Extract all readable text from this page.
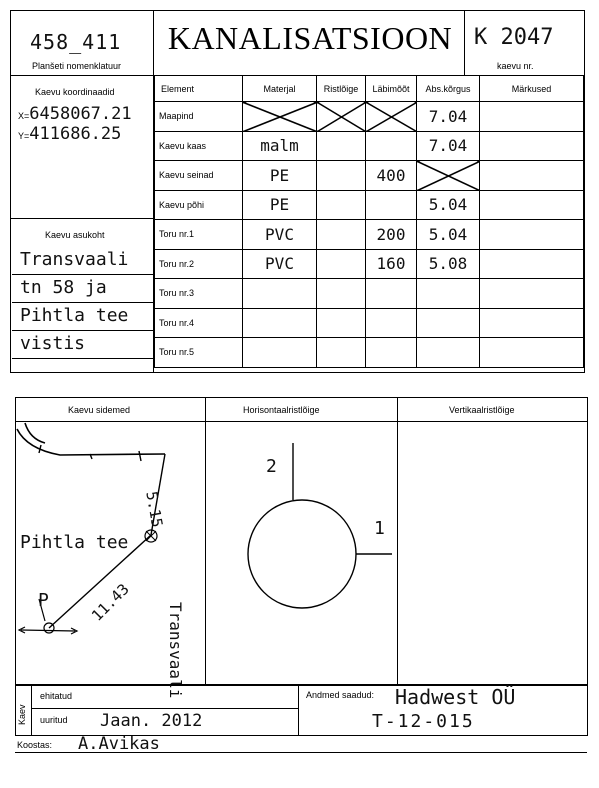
458_411
Planšeti nomenklatuur
KANALISATSIOON K 2047
kaevu nr.
Kaevu koordinaadid
X=6458067.21
Y=411686.25
Kaevu asukoht
Transvaali
tn 58 ja
Pihtla tee
vistis
Element	Materjal	Ristlõige	Läbimõõt	Abs.kõrgus	Märkused
Maapind				7.04	
Kaevu kaas	malm			7.04	
Kaevu seinad	PE		400		
Kaevu põhi	PE			5.04	
Toru nr.1	PVC		200	5.04	
Toru nr.2	PVC		160	5.08	
Toru nr.3					
Toru nr.4					
Toru nr.5					
Kaevu sidemed	Horisontaalristlõige	Vertikaalristlõige
5.15
11.43
Pihtla tee
Transvaali
P
2
1
Kaev
ehitatud
uuritud Jaan. 2012
Andmed saadud: Hadwest OÜ
T-12-015
Koostas: A.Avikas
